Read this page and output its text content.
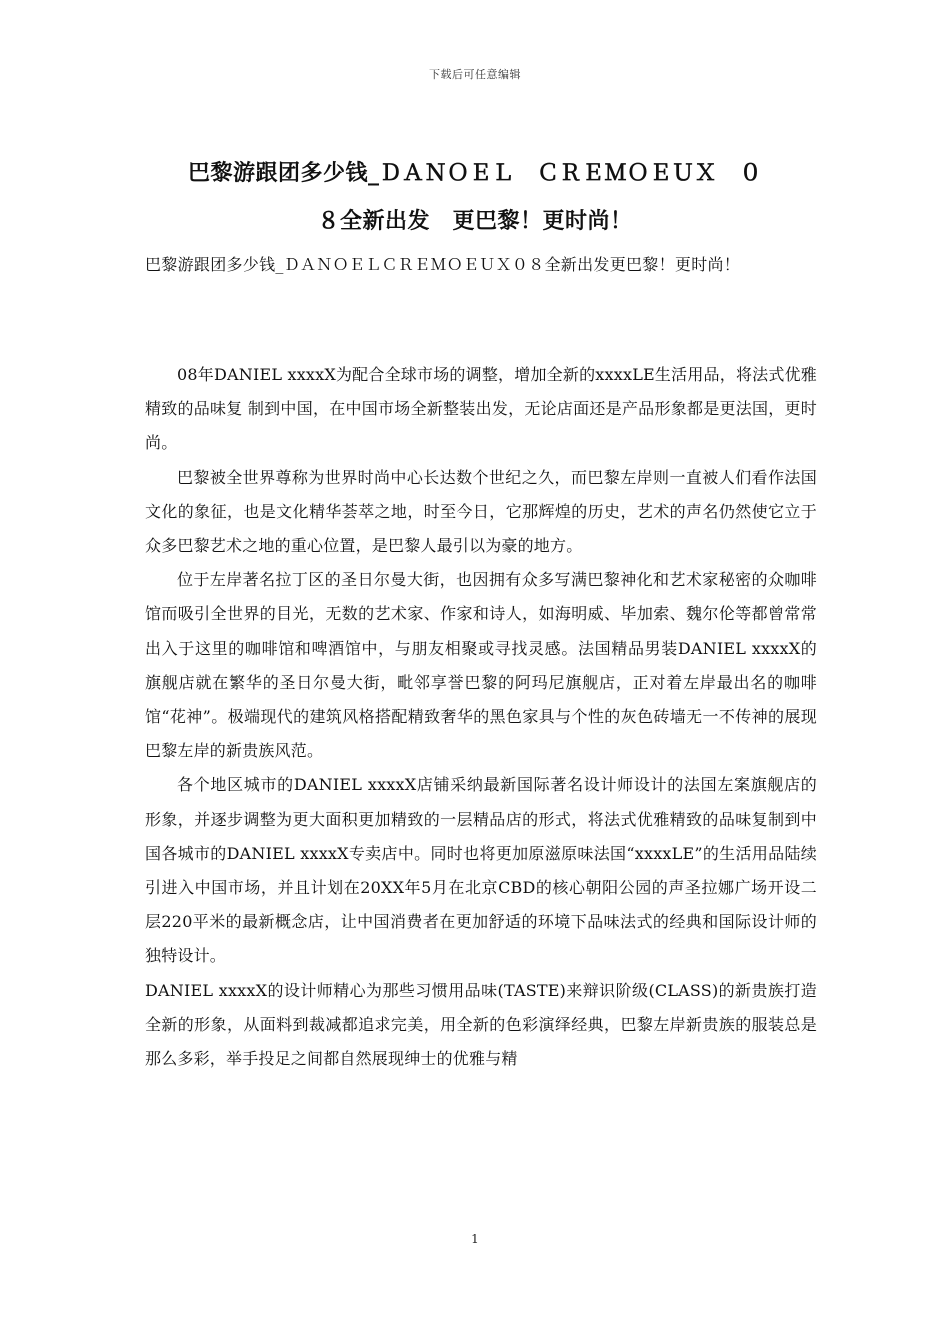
下载后可任意编辑
巴黎游跟团多少钱_ＤＡＮＯＥＬ　ＣＲＥＭＯＥＵＸ　０
８全新出发　更巴黎！更时尚！
巴黎游跟团多少钱_ＤＡＮＯＥＬＣＲＥＭＯＥＵＸ０８全新出发更巴黎！更时尚！

08年DANIEL xxxxX为配合全球市场的调整，增加全新的xxxxLE生活用品，将法式优雅精致的品味复 制到中国，在中国市场全新整装出发，无论店面还是产品形象都是更法国，更时尚。

巴黎被全世界尊称为世界时尚中心长达数个世纪之久，而巴黎左岸则一直被人们看作法国文化的象征，也是文化精华荟萃之地，时至今日，它那辉煌的历史，艺术的声名仍然使它立于众多巴黎艺术之地的重心位置，是巴黎人最引以为豪的地方。

位于左岸著名拉丁区的圣日尔曼大街，也因拥有众多写满巴黎神化和艺术家秘密的众咖啡馆而吸引全世界的目光，无数的艺术家、作家和诗人，如海明威、毕加索、魏尔伦等都曾常常出入于这里的咖啡馆和啤酒馆中，与朋友相聚或寻找灵感。法国精品男装DANIEL xxxxX的旗舰店就在繁华的圣日尔曼大街，毗邻享誉巴黎的阿玛尼旗舰店，正对着左岸最出名的咖啡馆“花神”。极端现代的建筑风格搭配精致奢华的黑色家具与个性的灰色砖墙无一不传神的展现巴黎左岸的新贵族风范。

各个地区城市的DANIEL xxxxX店铺采纳最新国际著名设计师设计的法国左案旗舰店的形象，并逐步调整为更大面积更加精致的一层精品店的形式，将法式优雅精致的品味复制到中国各城市的DANIEL xxxxX专卖店中。同时也将更加原滋原味法国“xxxxLE”的生活用品陆续引进入中国市场，并且计划在20XX年5月在北京CBD的核心朝阳公园的声圣拉娜广场开设二层220平米的最新概念店，让中国消费者在更加舒适的环境下品味法式的经典和国际设计师的独特设计。

DANIEL xxxxX的设计师精心为那些习惯用品味(TASTE)来辩识阶级(CLASS)的新贵族打造全新的形象，从面料到裁减都追求完美，用全新的色彩演绎经典，巴黎左岸新贵族的服装总是那么多彩，举手投足之间都自然展现绅士的优雅与精

1
